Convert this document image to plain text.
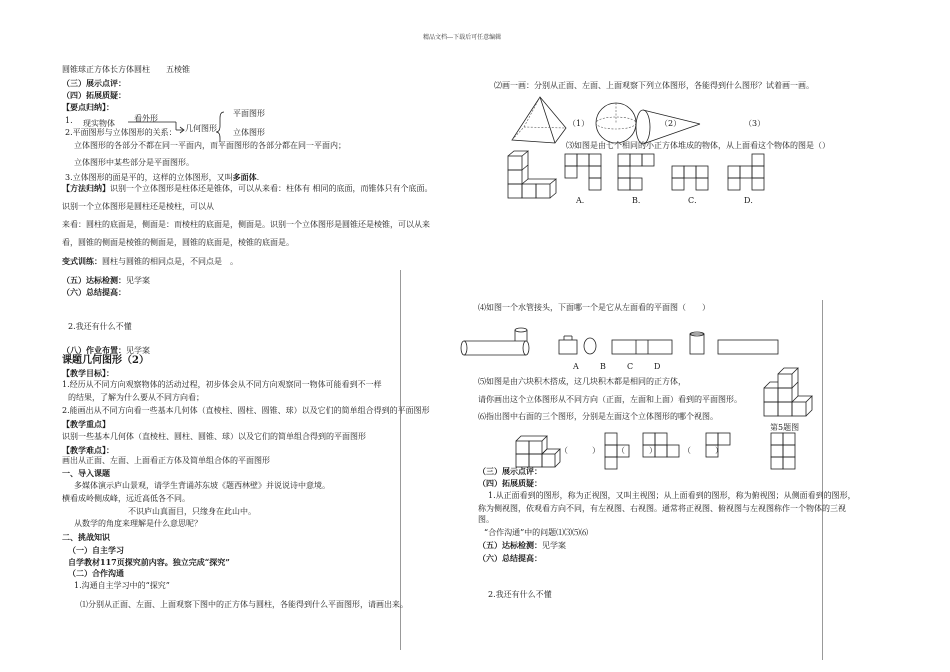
精品文档---下载后可任意编辑
圆锥球正方体长方体圆柱　　五棱锥
（三）展示点评：
（四）拓展质疑：
【要点归纳】：
1. 现实物体
看外形
几何图形
平面图形
立体图形
2.平面图形与立体图形的关系：
立体图形的各部分不都在同一平面内，而平面图形的各部分都在同一平面内；
立体图形中某些部分是平面图形。
3.立体图形的面是平的，这样的立体图形，又叫多面体.
【方法归纳】识别一个立体图形是柱体还是锥体，可以从来看：柱体有 相同的底面，而锥体只有个底面。
识别一个立体图形是圆柱还是棱柱，可以从
来看：圆柱的底面是，侧面是：而棱柱的底面是，侧面是。识别一个立体图形是圆锥还是棱锥，可以从来
看，圆锥的侧面是棱锥的侧面是，圆锥的底面是，棱锥的底面是。
变式训练：圆柱与圆锥的相同点是，不同点是　。
（五）达标检测：见学案
（六）总结提高：
2.我还有什么不懂
（八）作业布置：见学案
课题几何图形（2）
【教学目标】：
1.经历从不同方向观察物体的活动过程，初步体会从不同方向观察同一物体可能看到不一样
的结果，了解为什么要从不同方向看；
2.能画出从不同方向看一些基本几何体（直棱柱、圆柱、圆锥、球）以及它们的简单组合得到的平面图形
【教学重点】
识别一些基本几何体（直棱柱、圆柱、圆锥、球）以及它们的简单组合得到的平面图形
【教学难点】：
画出从正面、左面、上面看正方体及简单组合体的平面图形
一、导入课题
多媒体演示庐山景观，请学生背诵苏东坡《题西林壁》并说说诗中意境。
横看成岭侧成峰，远近高低各不同。
不识庐山真面目，只缘身在此山中。
从数学的角度来理解是什么意思呢？
二、挑战知识
（一）自主学习
自学教材117页探究前内容。独立完成“探究”
（二）合作沟通
1.沟通自主学习中的“探究”
⑴分别从正面、左面、上面观察下图中的正方体与圆柱，各能得到什么平面图形，请画出来。
⑵画一画：分别从正面、左面、上面观察下列立体图形，各能得到什么图形？试着画一画。
（1）	（2）	（3）
⑶如图是由七个相同的小正方体堆成的物体，从上面看这个物体的图是（）
A．	B．	C．	D．
⑷如图一个水管接头，下面哪一个是它从左面看的平面图（　　）
A	B	C	D
⑸如图是由六块积木搭成，这几块积木都是相同的正方体，
请你画出这个立体图形从不同方向（正面，左面和上面）看到的平面图形。
⑹指出图中右面的三个图形，分别是左面这个立体图形的哪个视图。
第5题图
（　　　） （　　　）	（　　　）
（三）展示点评：
（四）拓展质疑：
1.从正面看到的图形，称为正视图，又叫主视图；从上面看到的图形，称为俯视图；从侧面看到的图形，
称为侧视图，依观看方向不同，有左视图、右视图。通常将正视图、俯视图与左视图称作一个物体的三视
图。
“合作沟通”中的问题⑴⑶⑸⑹
（五）达标检测：见学案
（六）总结提高：
2.我还有什么不懂
